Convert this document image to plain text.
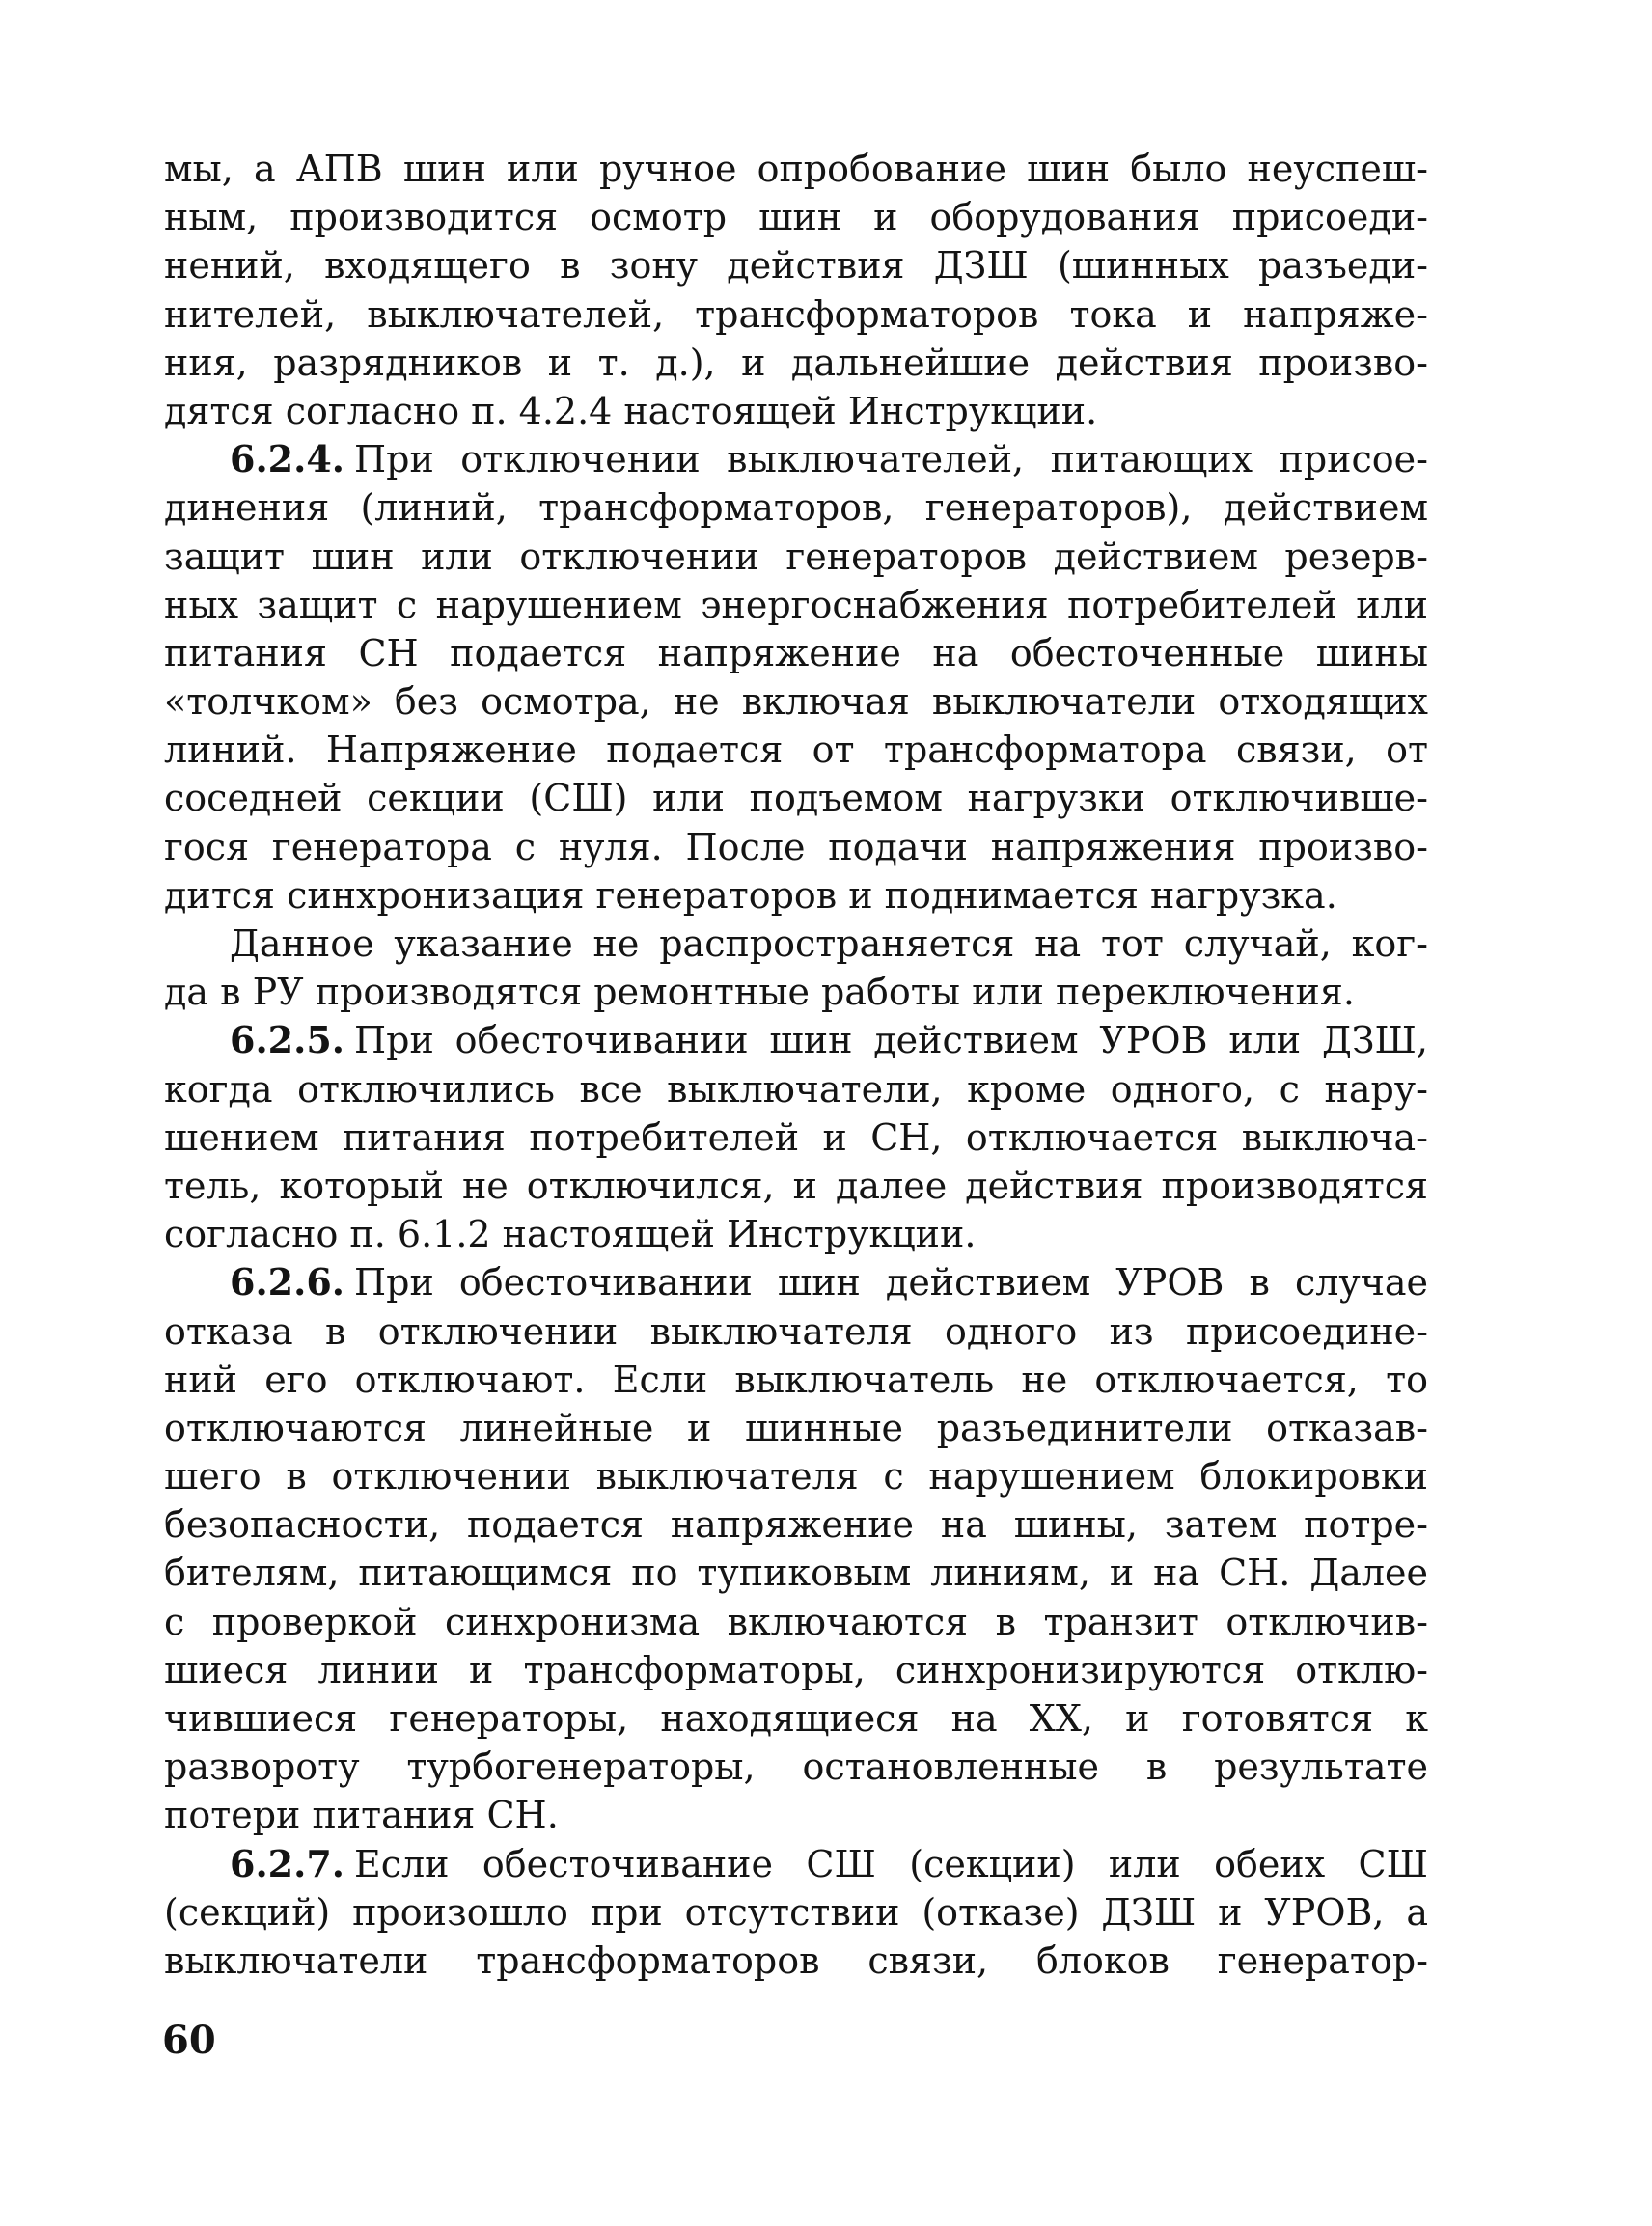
мы, а АПВ шин или ручное опробование шин было неуспеш-
ным, производится осмотр шин и оборудования присоеди-
нений, входящего в зону действия ДЗШ (шинных разъеди-
нителей, выключателей, трансформаторов тока и напряже-
ния, разрядников и т. д.), и дальнейшие действия произво-
дятся согласно п. 4.2.4 настоящей Инструкции.
6.2.4. При отключении выключателей, питающих присое-
динения (линий, трансформаторов, генераторов), действием
защит шин или отключении генераторов действием резерв-
ных защит с нарушением энергоснабжения потребителей или
питания СН подается напряжение на обесточенные шины
«толчком» без осмотра, не включая выключатели отходящих
линий. Напряжение подается от трансформатора связи, от
соседней секции (СШ) или подъемом нагрузки отключивше-
гося генератора с нуля. После подачи напряжения произво-
дится синхронизация генераторов и поднимается нагрузка.
Данное указание не распространяется на тот случай, ког-
да в РУ производятся ремонтные работы или переключения.
6.2.5. При обесточивании шин действием УРОВ или ДЗШ,
когда отключились все выключатели, кроме одного, с нару-
шением питания потребителей и СН, отключается выключа-
тель, который не отключился, и далее действия производятся
согласно п. 6.1.2 настоящей Инструкции.
6.2.6. При обесточивании шин действием УРОВ в случае
отказа в отключении выключателя одного из присоедине-
ний его отключают. Если выключатель не отключается, то
отключаются линейные и шинные разъединители отказав-
шего в отключении выключателя с нарушением блокировки
безопасности, подается напряжение на шины, затем потре-
бителям, питающимся по тупиковым линиям, и на СН. Далее
с проверкой синхронизма включаются в транзит отключив-
шиеся линии и трансформаторы, синхронизируются отклю-
чившиеся генераторы, находящиеся на ХХ, и готовятся к
развороту турбогенераторы, остановленные в результате
потери питания СН.
6.2.7. Если обесточивание СШ (секции) или обеих СШ
(секций) произошло при отсутствии (отказе) ДЗШ и УРОВ, а
выключатели трансформаторов связи, блоков генератор-
60
